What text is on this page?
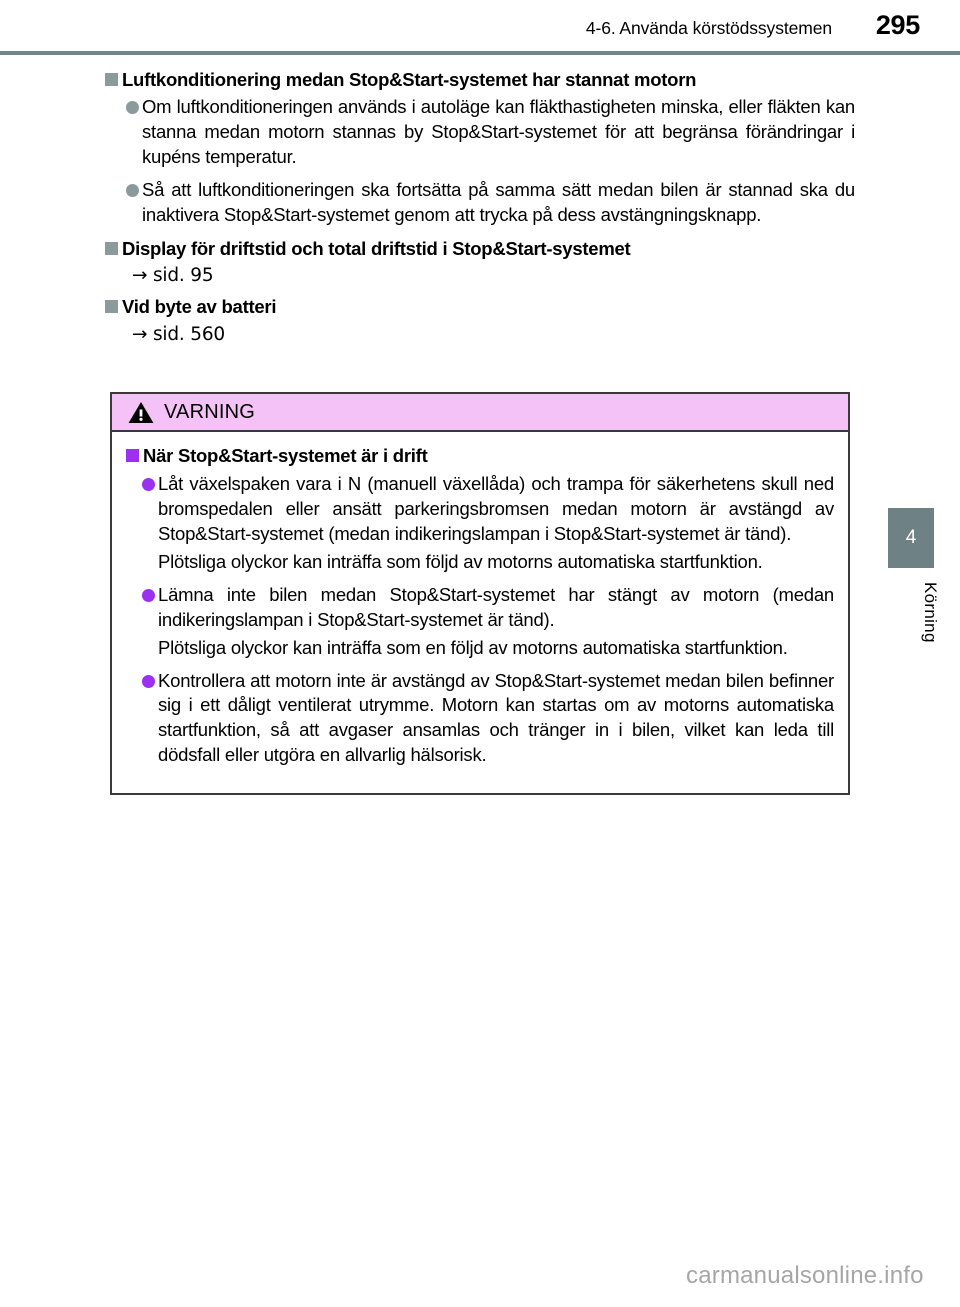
4-6. Använda körstödssystemen 295
4
Körning
Luftkonditionering medan Stop&Start-systemet har stannat motorn
Om luftkonditioneringen används i autoläge kan fläkthastigheten minska, eller fläkten kan stanna medan motorn stannas by Stop&Start-systemet för att begränsa förändringar i kupéns temperatur.
Så att luftkonditioneringen ska fortsätta på samma sätt medan bilen är stannad ska du inaktivera Stop&Start-systemet genom att trycka på dess avstängningsknapp.
Display för driftstid och total driftstid i Stop&Start-systemet
→ sid. 95
Vid byte av batteri
→ sid. 560
VARNING
När Stop&Start-systemet är i drift
Låt växelspaken vara i N (manuell växellåda) och trampa för säkerhetens skull ned bromspedalen eller ansätt parkeringsbromsen medan motorn är avstängd av Stop&Start-systemet (medan indikeringslampan i Stop&Start-systemet är tänd).
Plötsliga olyckor kan inträffa som följd av motorns automatiska startfunktion.
Lämna inte bilen medan Stop&Start-systemet har stängt av motorn (medan indikeringslampan i Stop&Start-systemet är tänd).
Plötsliga olyckor kan inträffa som en följd av motorns automatiska startfunktion.
Kontrollera att motorn inte är avstängd av Stop&Start-systemet medan bilen befinner sig i ett dåligt ventilerat utrymme. Motorn kan startas om av motorns automatiska startfunktion, så att avgaser ansamlas och tränger in i bilen, vilket kan leda till dödsfall eller utgöra en allvarlig hälsorisk.
carmanualsonline.info
